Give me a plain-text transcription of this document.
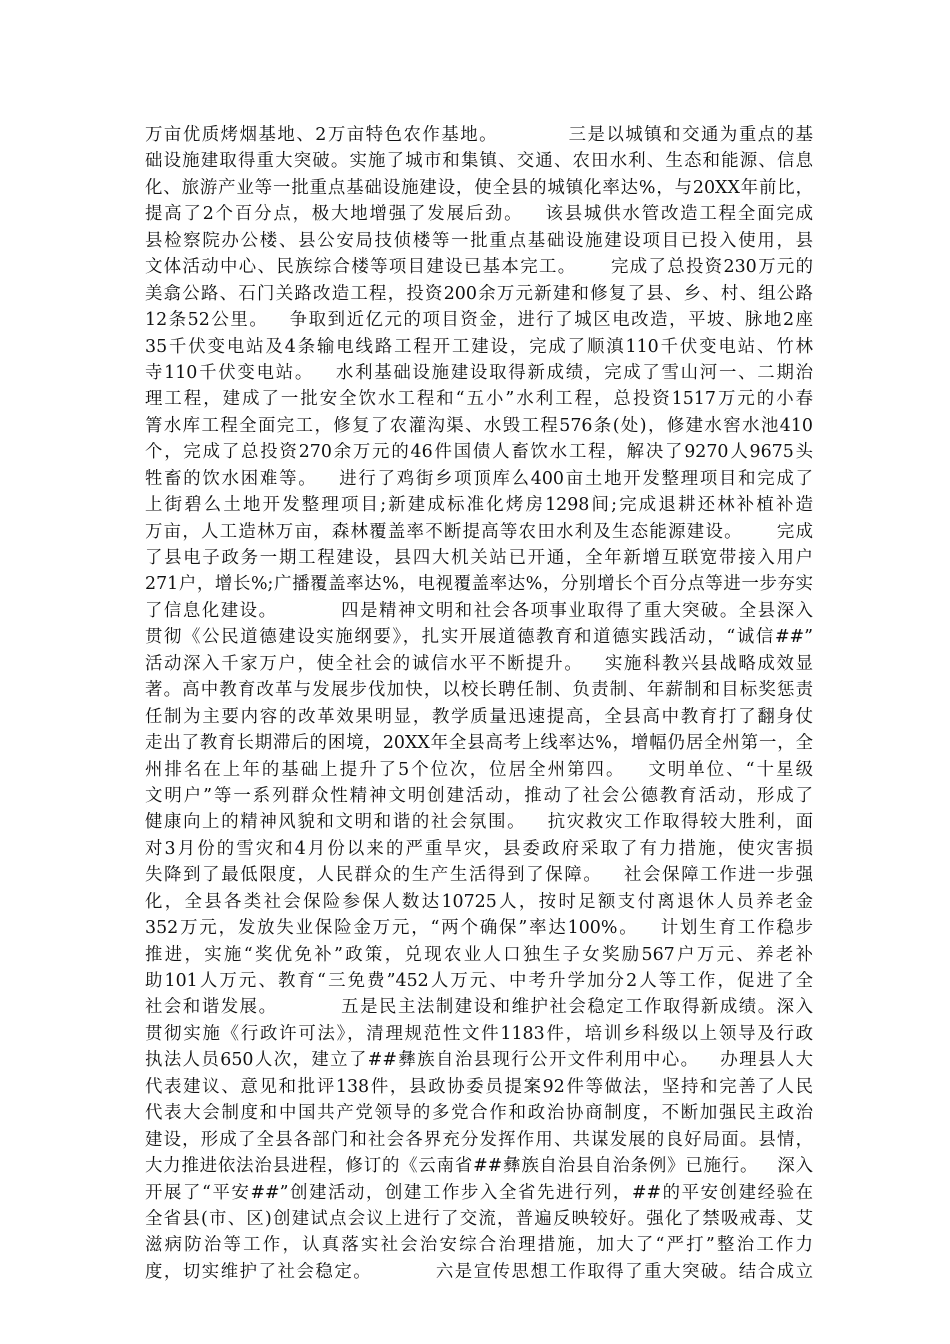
万亩优质烤烟基地、2万亩特色农作基地。          三是以城镇和交通为重点的基
础设施建取得重大突破。实施了城市和集镇、交通、农田水利、生态和能源、信息
化、旅游产业等一批重点基础设施建设，使全县的城镇化率达%，与20XX年前比，
提高了2个百分点，极大地增强了发展后劲。   该县城供水管改造工程全面完成
县检察院办公楼、县公安局技侦楼等一批重点基础设施建设项目已投入使用，县
文体活动中心、民族综合楼等项目建设已基本完工。     完成了总投资230万元的
美翕公路、石门关路改造工程，投资200余万元新建和修复了县、乡、村、组公路
12条52公里。   争取到近亿元的项目资金，进行了城区电改造，平坡、脉地2座
35千伏变电站及4条输电线路工程开工建设，完成了顺滇110千伏变电站、竹林
寺110千伏变电站。   水利基础设施建设取得新成绩，完成了雪山河一、二期治
理工程，建成了一批安全饮水工程和“五小”水利工程，总投资1517万元的小春
箐水库工程全面完工，修复了农灌沟渠、水毁工程576条(处)，修建水窖水池410
个，完成了总投资270余万元的46件国债人畜饮水工程，解决了9270人9675头
牲畜的饮水困难等。   进行了鸡街乡项顶库么400亩土地开发整理项目和完成了
上街碧么土地开发整理项目;新建成标准化烤房1298间;完成退耕还林补植补造
万亩，人工造林万亩，森林覆盖率不断提高等农田水利及生态能源建设。     完成
了县电子政务一期工程建设，县四大机关站已开通，全年新增互联宽带接入用户
271户，增长%;广播覆盖率达%，电视覆盖率达%，分别增长个百分点等进一步夯实
了信息化建设。         四是精神文明和社会各项事业取得了重大突破。全县深入
贯彻《公民道德建设实施纲要》，扎实开展道德教育和道德实践活动，“诚信##”
活动深入千家万户，使全社会的诚信水平不断提升。   实施科教兴县战略成效显
著。高中教育改革与发展步伐加快，以校长聘任制、负责制、年薪制和目标奖惩责
任制为主要内容的改革效果明显，教学质量迅速提高，全县高中教育打了翻身仗
走出了教育长期滞后的困境，20XX年全县高考上线率达%，增幅仍居全州第一，全
州排名在上年的基础上提升了5个位次，位居全州第四。   文明单位、“十星级
文明户”等一系列群众性精神文明创建活动，推动了社会公德教育活动，形成了
健康向上的精神风貌和文明和谐的社会氛围。   抗灾救灾工作取得较大胜利，面
对3月份的雪灾和4月份以来的严重旱灾，县委政府采取了有力措施，使灾害损
失降到了最低限度，人民群众的生产生活得到了保障。   社会保障工作进一步强
化，全县各类社会保险参保人数达10725人，按时足额支付离退休人员养老金
352万元，发放失业保险金万元，“两个确保”率达100%。   计划生育工作稳步
推进，实施“奖优免补”政策，兑现农业人口独生子女奖励567户万元、养老补
助101人万元、教育“三免费”452人万元、中考升学加分2人等工作，促进了全
社会和谐发展。         五是民主法制建设和维护社会稳定工作取得新成绩。深入
贯彻实施《行政许可法》，清理规范性文件1183件，培训乡科级以上领导及行政
执法人员650人次，建立了##彝族自治县现行公开文件利用中心。   办理县人大
代表建议、意见和批评138件，县政协委员提案92件等做法，坚持和完善了人民
代表大会制度和中国共产党领导的多党合作和政治协商制度，不断加强民主政治
建设，形成了全县各部门和社会各界充分发挥作用、共谋发展的良好局面。县情，
大力推进依法治县进程，修订的《云南省##彝族自治县自治条例》已施行。   深入
开展了“平安##”创建活动，创建工作步入全省先进行列，##的平安创建经验在
全省县(市、区)创建试点会议上进行了交流，普遍反映较好。强化了禁吸戒毒、艾
滋病防治等工作，认真落实社会治安综合治理措施，加大了“严打”整治工作力
度，切实维护了社会稳定。         六是宣传思想工作取得了重大突破。结合成立
